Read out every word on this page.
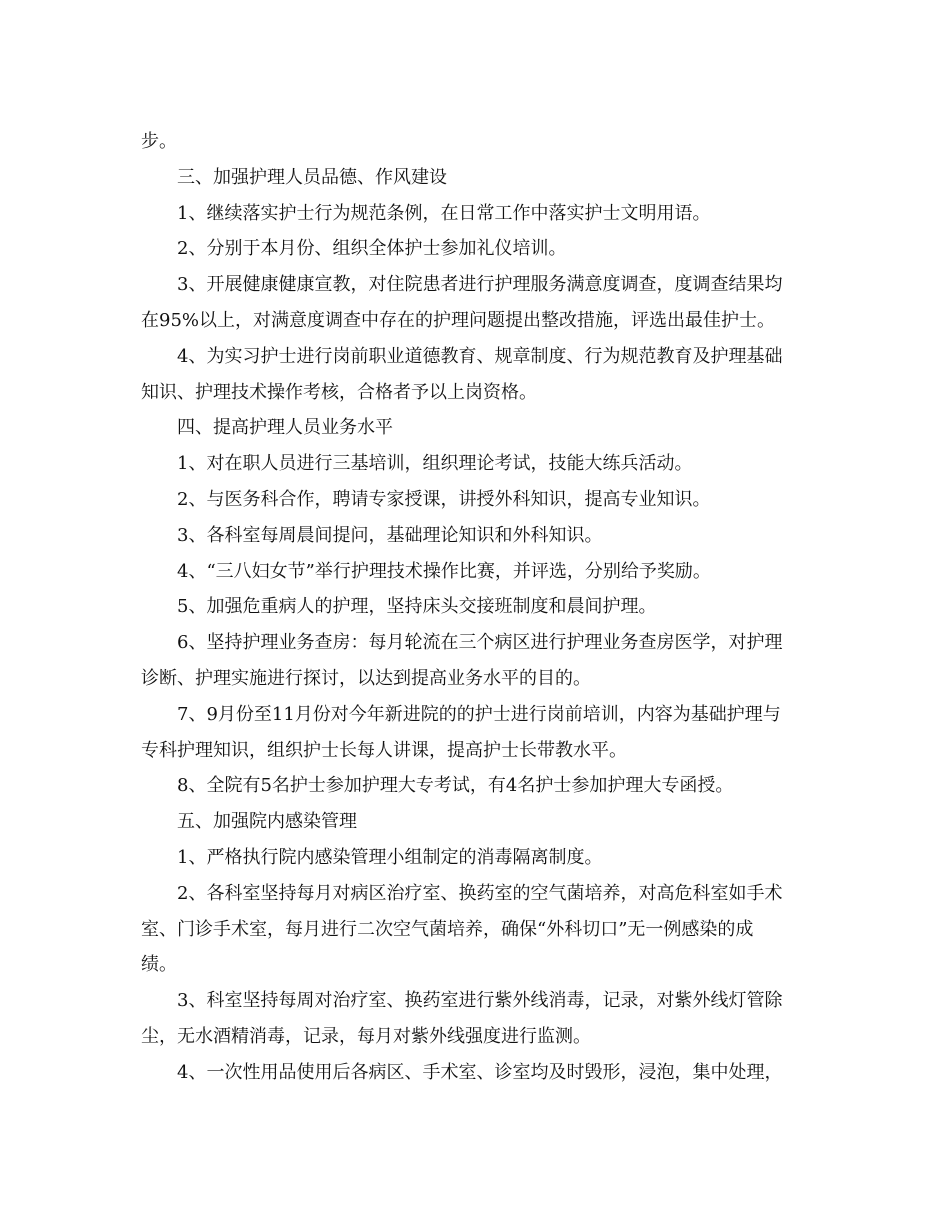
步。
三、加强护理人员品德、作风建设
1、继续落实护士行为规范条例，在日常工作中落实护士文明用语。
2、分别于本月份、组织全体护士参加礼仪培训。
3、开展健康健康宣教，对住院患者进行护理服务满意度调查，度调查结果均
在95%以上，对满意度调查中存在的护理问题提出整改措施，评选出最佳护士。
4、为实习护士进行岗前职业道德教育、规章制度、行为规范教育及护理基础
知识、护理技术操作考核，合格者予以上岗资格。
四、提高护理人员业务水平
1、对在职人员进行三基培训，组织理论考试，技能大练兵活动。
2、与医务科合作，聘请专家授课，讲授外科知识，提高专业知识。
3、各科室每周晨间提问，基础理论知识和外科知识。
4、“三八妇女节”举行护理技术操作比赛，并评选，分别给予奖励。
5、加强危重病人的护理，坚持床头交接班制度和晨间护理。
6、坚持护理业务查房：每月轮流在三个病区进行护理业务查房医学，对护理
诊断、护理实施进行探讨，以达到提高业务水平的目的。
7、9月份至11月份对今年新进院的的护士进行岗前培训，内容为基础护理与
专科护理知识，组织护士长每人讲课，提高护士长带教水平。
8、全院有5名护士参加护理大专考试，有4名护士参加护理大专函授。
五、加强院内感染管理
1、严格执行院内感染管理小组制定的消毒隔离制度。
2、各科室坚持每月对病区治疗室、换药室的空气菌培养，对高危科室如手术
室、门诊手术室，每月进行二次空气菌培养，确保“外科切口”无一例感染的成
绩。
3、科室坚持每周对治疗室、换药室进行紫外线消毒，记录，对紫外线灯管除
尘，无水酒精消毒，记录，每月对紫外线强度进行监测。
4、一次性用品使用后各病区、手术室、诊室均及时毁形，浸泡，集中处理，
